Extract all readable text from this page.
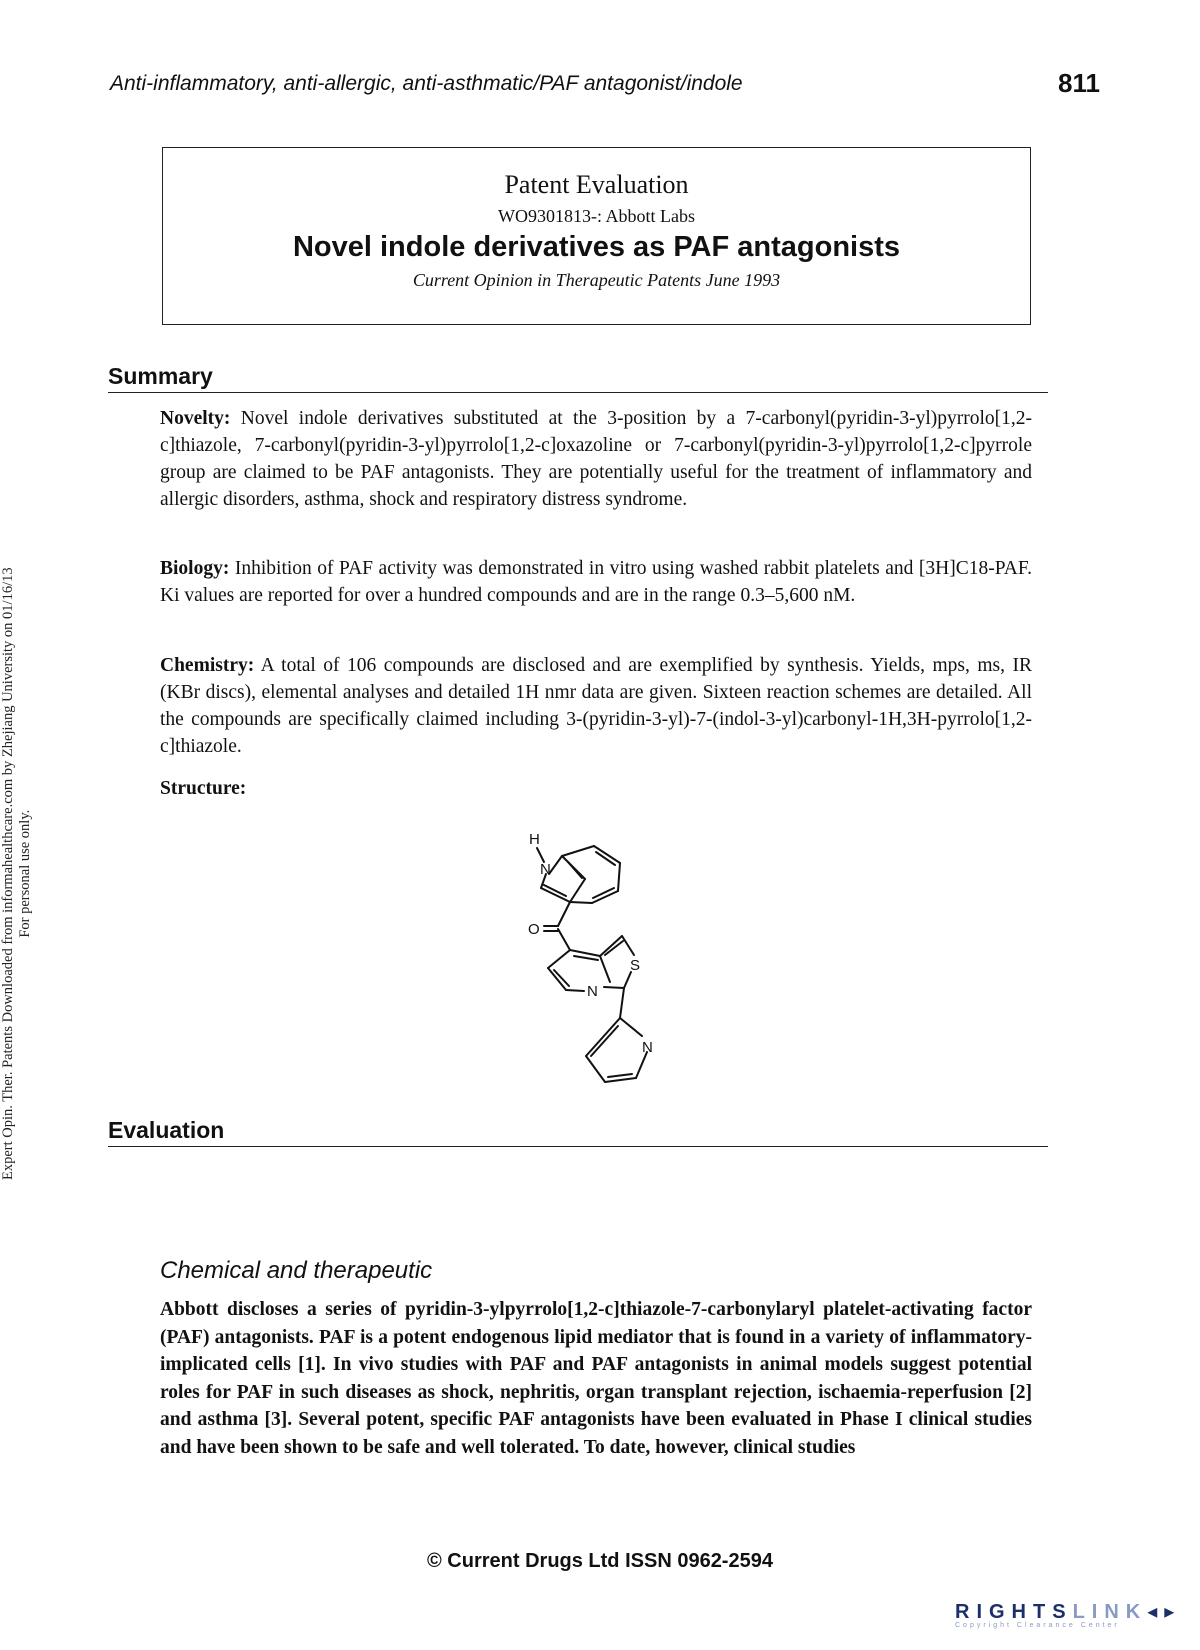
Anti-inflammatory, anti-allergic, anti-asthmatic/PAF antagonist/indole	811
Expert Opin. Ther. Patents Downloaded from informahealthcare.com by Zhejiang University on 01/16/13 For personal use only.
Patent Evaluation
WO9301813-: Abbott Labs
Novel indole derivatives as PAF antagonists
Current Opinion in Therapeutic Patents June 1993
Summary

Novelty: Novel indole derivatives substituted at the 3-position by a 7-carbonyl(pyridin-3-yl)pyrrolo[1,2-c]thiazole, 7-carbonyl(pyridin-3-yl)pyrrolo[1,2-c]oxazoline or 7-carbonyl(pyridin-3-yl)pyrrolo[1,2-c]pyrrole group are claimed to be PAF antagonists. They are potentially useful for the treatment of inflammatory and allergic disorders, asthma, shock and respiratory distress syndrome.

Biology: Inhibition of PAF activity was demonstrated in vitro using washed rabbit platelets and [3H]C18-PAF. Ki values are reported for over a hundred compounds and are in the range 0.3–5,600 nM.

Chemistry: A total of 106 compounds are disclosed and are exemplified by synthesis. Yields, mps, ms, IR (KBr discs), elemental analyses and detailed 1H nmr data are given. Sixteen reaction schemes are detailed. All the compounds are specifically claimed including 3-(pyridin-3-yl)-7-(indol-3-yl)carbonyl-1H,3H-pyrrolo[1,2-c]thiazole.

Structure:
H
N
O
S
N
N
Evaluation
Chemical and therapeutic

Abbott discloses a series of pyridin-3-ylpyrrolo[1,2-c]thiazole-7-carbonylaryl platelet-activating factor (PAF) antagonists. PAF is a potent endogenous lipid mediator that is found in a variety of inflammatory-implicated cells [1]. In vivo studies with PAF and PAF antagonists in animal models suggest potential roles for PAF in such diseases as shock, nephritis, organ transplant rejection, ischaemia-reperfusion [2] and asthma [3]. Several potent, specific PAF antagonists have been evaluated in Phase I clinical studies and have been shown to be safe and well tolerated. To date, however, clinical studies

© Current Drugs Ltd ISSN 0962-2594
RIGHTSLINK◂▸
Copyright Clearance Center
